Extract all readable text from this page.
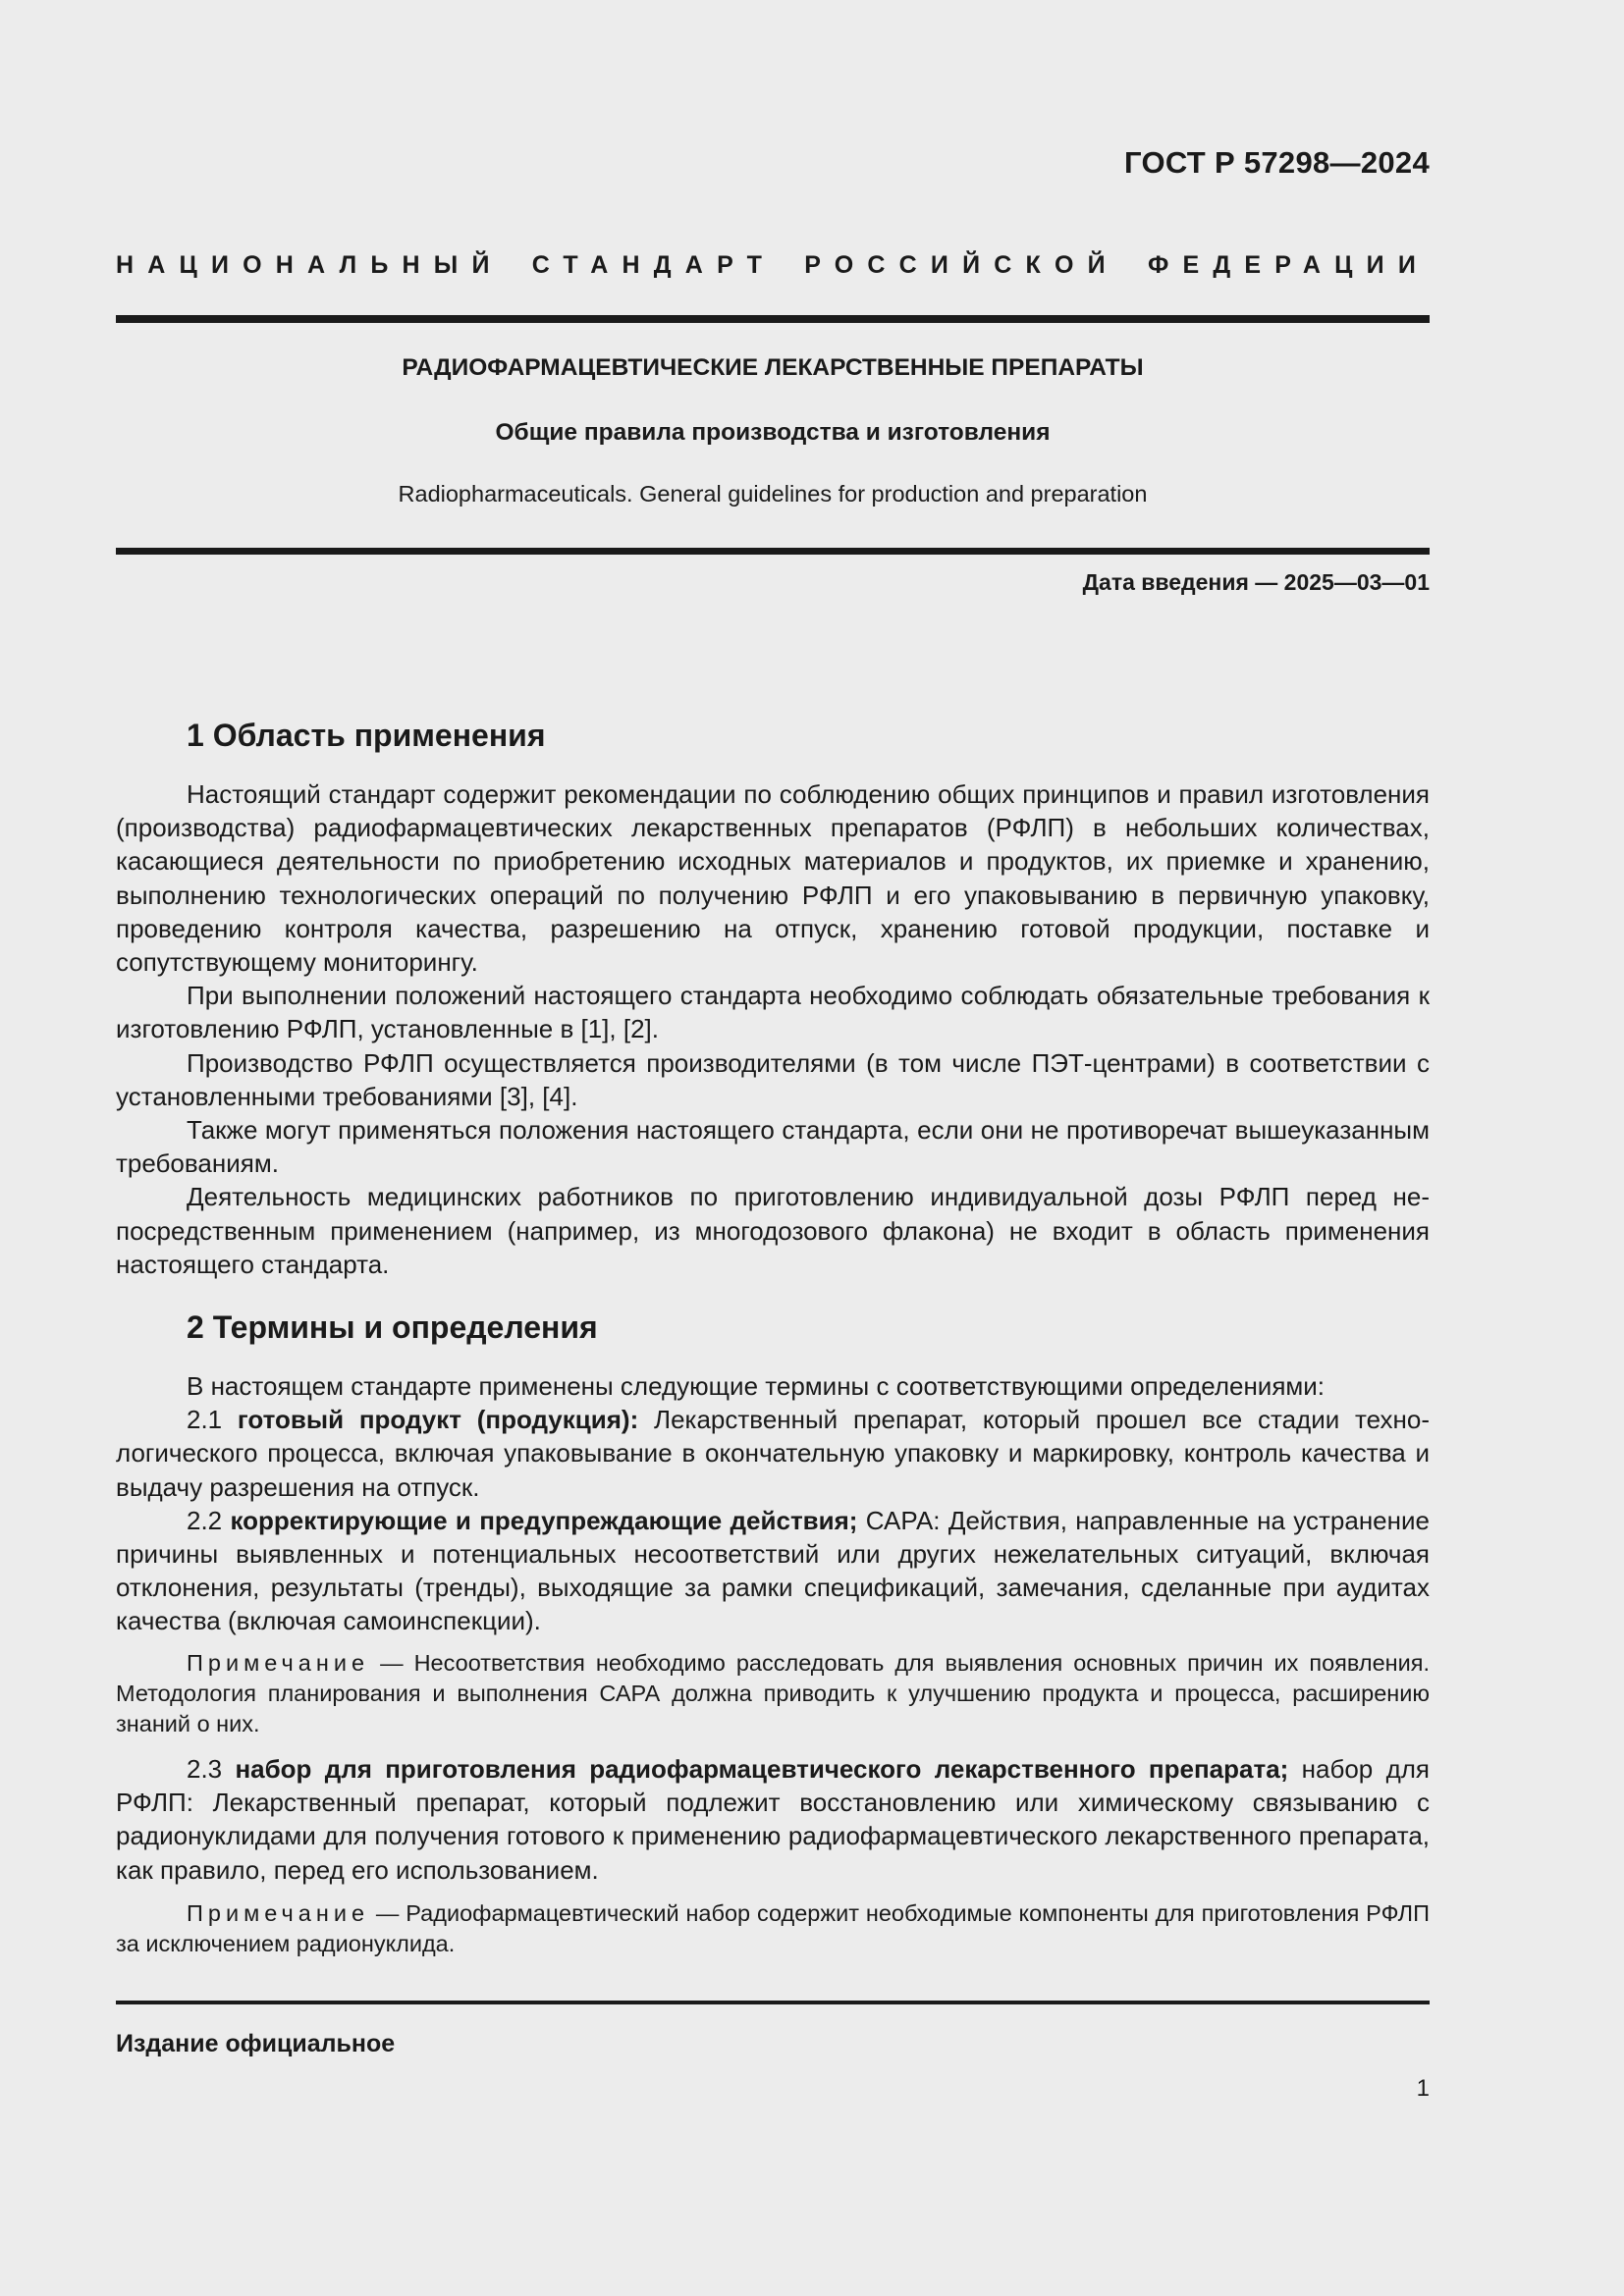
ГОСТ Р 57298—2024
НАЦИОНАЛЬНЫЙ СТАНДАРТ РОССИЙСКОЙ ФЕДЕРАЦИИ
РАДИОФАРМАЦЕВТИЧЕСКИЕ ЛЕКАРСТВЕННЫЕ ПРЕПАРАТЫ
Общие правила производства и изготовления
Radiopharmaceuticals. General guidelines for production and preparation
Дата введения — 2025—03—01
1 Область применения

Настоящий стандарт содержит рекомендации по соблюдению общих принципов и правил изготовления (производства) радиофармацевтических лекарственных препаратов (РФЛП) в небольших количествах, касающиеся деятельности по приобретению исходных материалов и продуктов, их приемке и хранению, выполнению технологических операций по получению РФЛП и его упаковыванию в первичную упаковку, проведению контроля качества, разрешению на отпуск, хранению готовой продукции, поставке и сопутствующему мониторингу.

При выполнении положений настоящего стандарта необходимо соблюдать обязательные требования к изготовлению РФЛП, установленные в [1], [2].

Производство РФЛП осуществляется производителями (в том числе ПЭТ-центрами) в соответствии с установленными требованиями [3], [4].

Также могут применяться положения настоящего стандарта, если они не противоречат вышеуказанным требованиям.

Деятельность медицинских работников по приготовлению индивидуальной дозы РФЛП перед непосредственным применением (например, из многодозового флакона) не входит в область применения настоящего стандарта.

2 Термины и определения

В настоящем стандарте применены следующие термины с соответствующими определениями:

2.1 готовый продукт (продукция): Лекарственный препарат, который прошел все стадии технологического процесса, включая упаковывание в окончательную упаковку и маркировку, контроль качества и выдачу разрешения на отпуск.

2.2 корректирующие и предупреждающие действия; САРА: Действия, направленные на устранение причины выявленных и потенциальных несоответствий или других нежелательных ситуаций, включая отклонения, результаты (тренды), выходящие за рамки спецификаций, замечания, сделанные при аудитах качества (включая самоинспекции).

Примечание — Несоответствия необходимо расследовать для выявления основных причин их появления. Методология планирования и выполнения САРА должна приводить к улучшению продукта и процесса, расширению знаний о них.

2.3 набор для приготовления радиофармацевтического лекарственного препарата; набор для РФЛП: Лекарственный препарат, который подлежит восстановлению или химическому связыванию с радионуклидами для получения готового к применению радиофармацевтического лекарственного препарата, как правило, перед его использованием.

Примечание — Радиофармацевтический набор содержит необходимые компоненты для приготовления РФЛП за исключением радионуклида.

Издание официальное
1
